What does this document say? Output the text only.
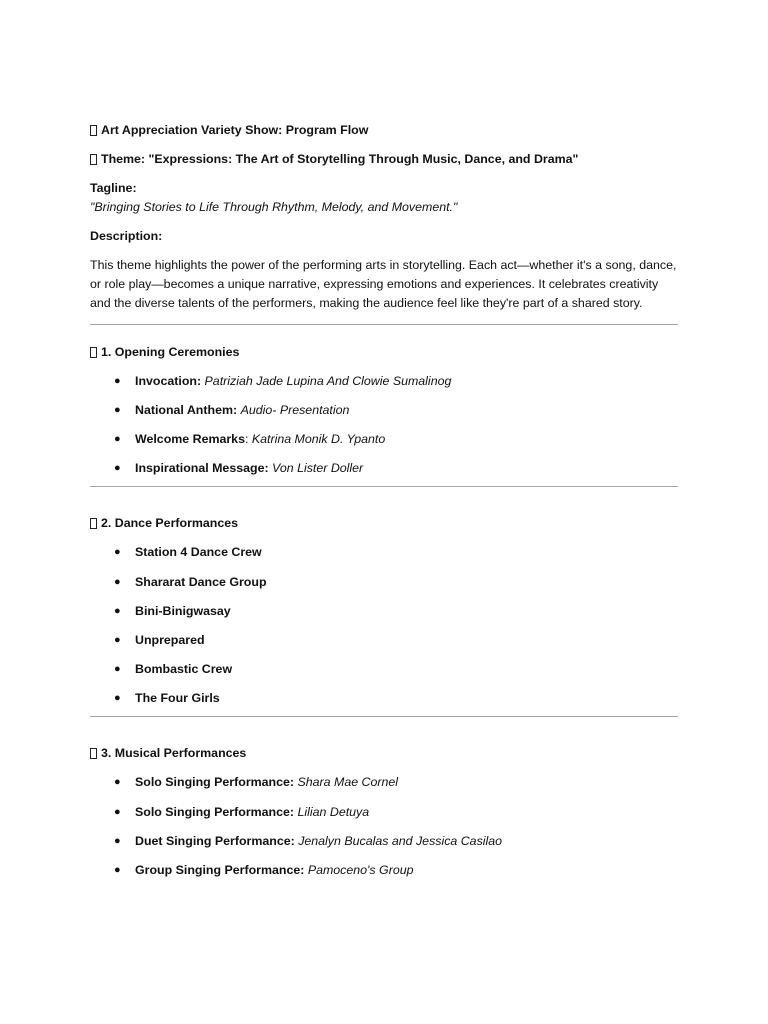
Art Appreciation Variety Show: Program Flow
Theme: "Expressions: The Art of Storytelling Through Music, Dance, and Drama"
Tagline:
"Bringing Stories to Life Through Rhythm, Melody, and Movement."
Description:
This theme highlights the power of the performing arts in storytelling. Each act—whether it's a song, dance, or role play—becomes a unique narrative, expressing emotions and experiences. It celebrates creativity and the diverse talents of the performers, making the audience feel like they're part of a shared story.
1. Opening Ceremonies
● Invocation: Patriziah Jade Lupina And Clowie Sumalinog
● National Anthem: Audio- Presentation
● Welcome Remarks: Katrina Monik D. Ypanto
● Inspirational Message: Von Lister Doller
2. Dance Performances
● Station 4 Dance Crew
● Shararat Dance Group
● Bini-Binigwasay
● Unprepared
● Bombastic Crew
● The Four Girls
3. Musical Performances
● Solo Singing Performance: Shara Mae Cornel
● Solo Singing Performance: Lilian Detuya
● Duet Singing Performance: Jenalyn Bucalas and Jessica Casilao
● Group Singing Performance: Pamoceno's Group
